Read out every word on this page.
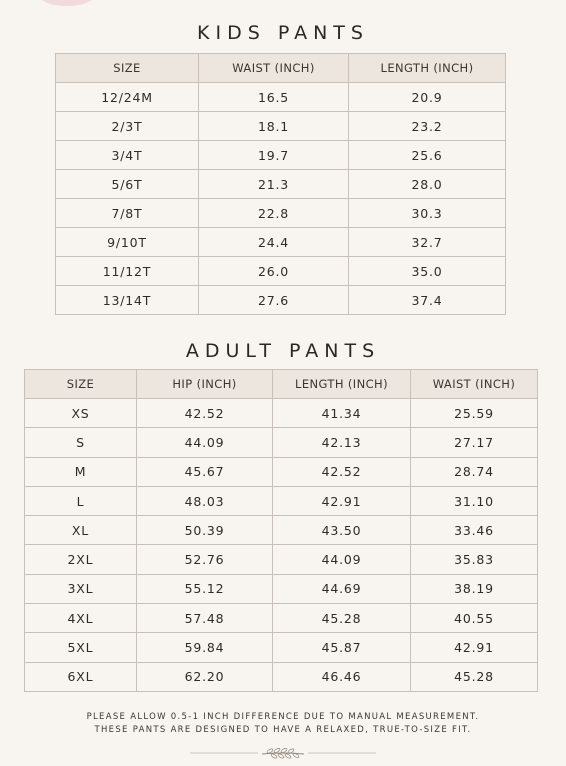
KIDS PANTS
SIZE	WAIST (INCH)	LENGTH (INCH)
12/24M	16.5	20.9
2/3T	18.1	23.2
3/4T	19.7	25.6
5/6T	21.3	28.0
7/8T	22.8	30.3
9/10T	24.4	32.7
11/12T	26.0	35.0
13/14T	27.6	37.4
ADULT PANTS
SIZE	HIP (INCH)	LENGTH (INCH)	WAIST (INCH)
XS	42.52	41.34	25.59
S	44.09	42.13	27.17
M	45.67	42.52	28.74
L	48.03	42.91	31.10
XL	50.39	43.50	33.46
2XL	52.76	44.09	35.83
3XL	55.12	44.69	38.19
4XL	57.48	45.28	40.55
5XL	59.84	45.87	42.91
6XL	62.20	46.46	45.28
PLEASE ALLOW 0.5-1 INCH DIFFERENCE DUE TO MANUAL MEASUREMENT.
THESE PANTS ARE DESIGNED TO HAVE A RELAXED, TRUE-TO-SIZE FIT.
